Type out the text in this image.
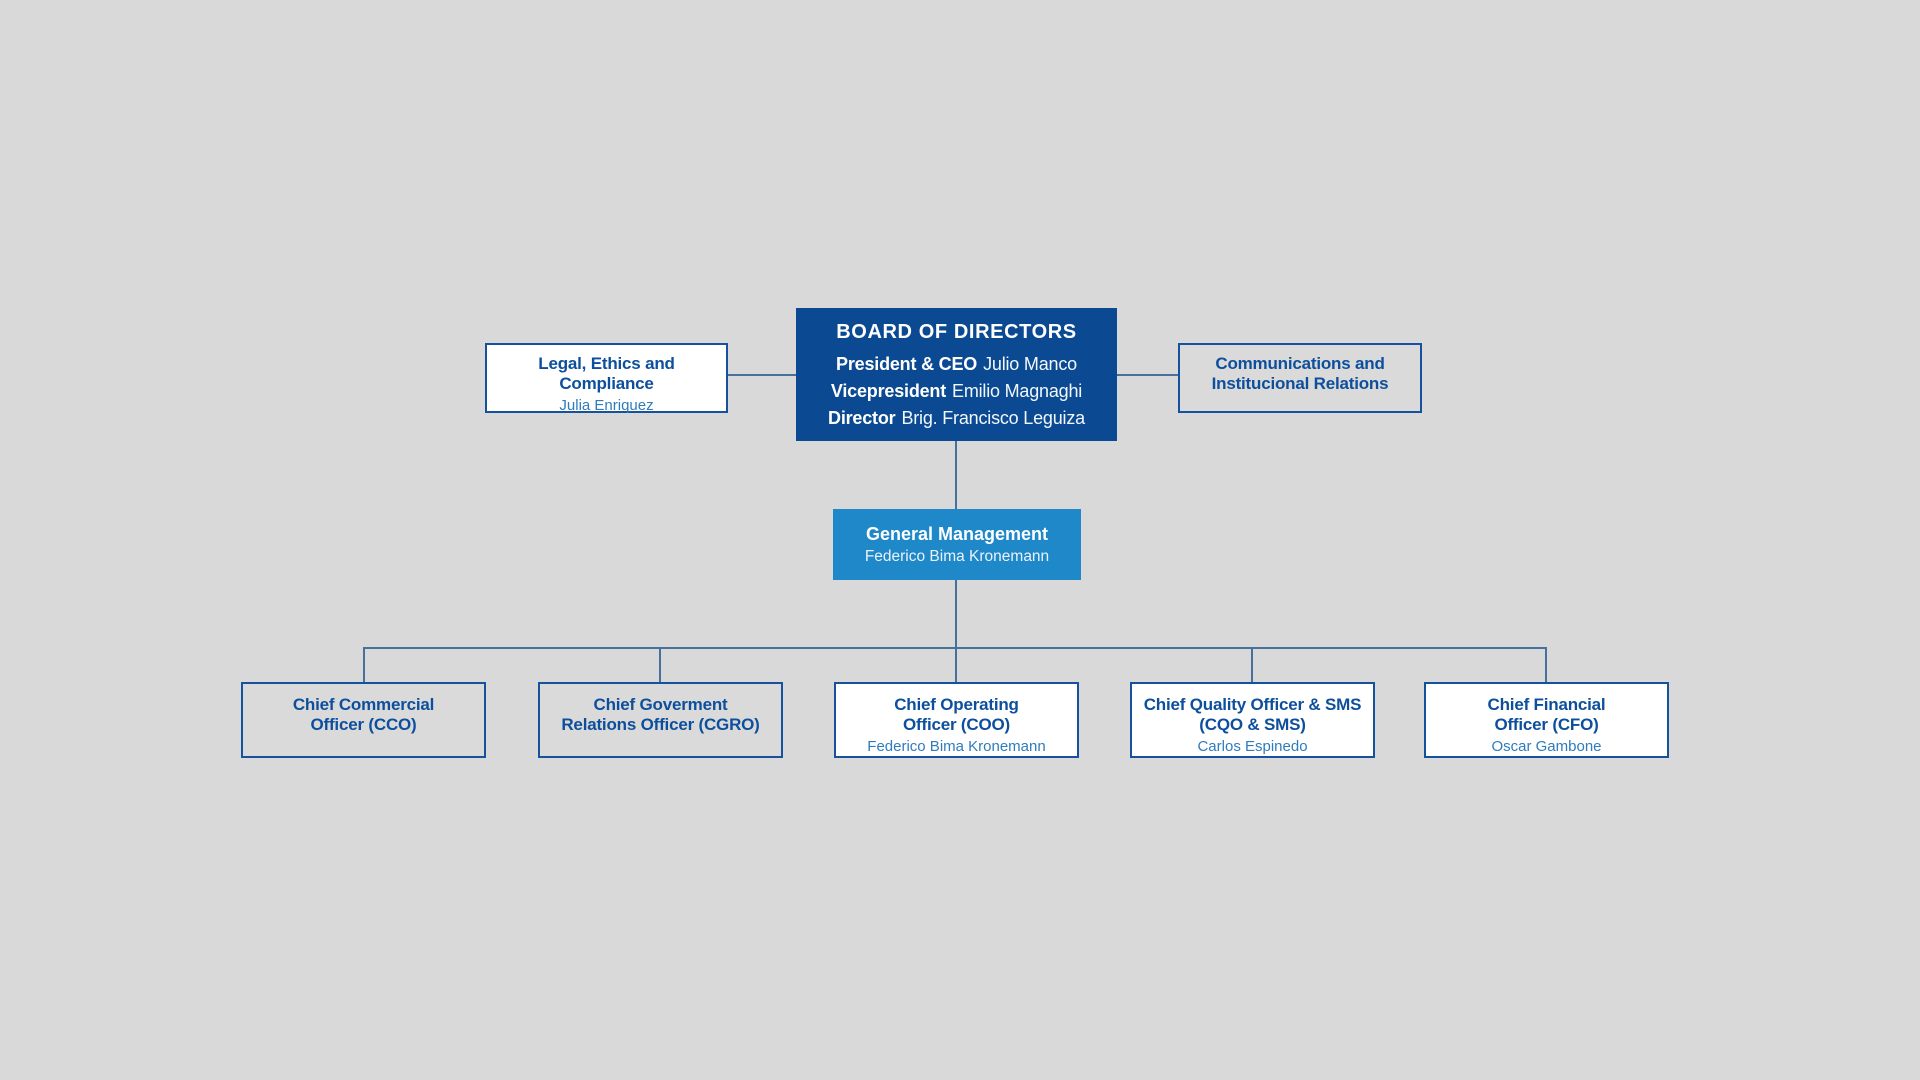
BOARD OF DIRECTORS
President & CEO Julio Manco
Vicepresident Emilio Magnaghi
Director Brig. Francisco Leguiza
Legal, Ethics and
Compliance
Julia Enriquez
Communications and
Institucional Relations
General Management
Federico Bima Kronemann
Chief Commercial
Officer (CCO)
Chief Goverment
Relations Officer (CGRO)
Chief Operating
Officer (COO)
Federico Bima Kronemann
Chief Quality Officer & SMS
(CQO & SMS)
Carlos Espinedo
Chief Financial
Officer (CFO)
Oscar Gambone
